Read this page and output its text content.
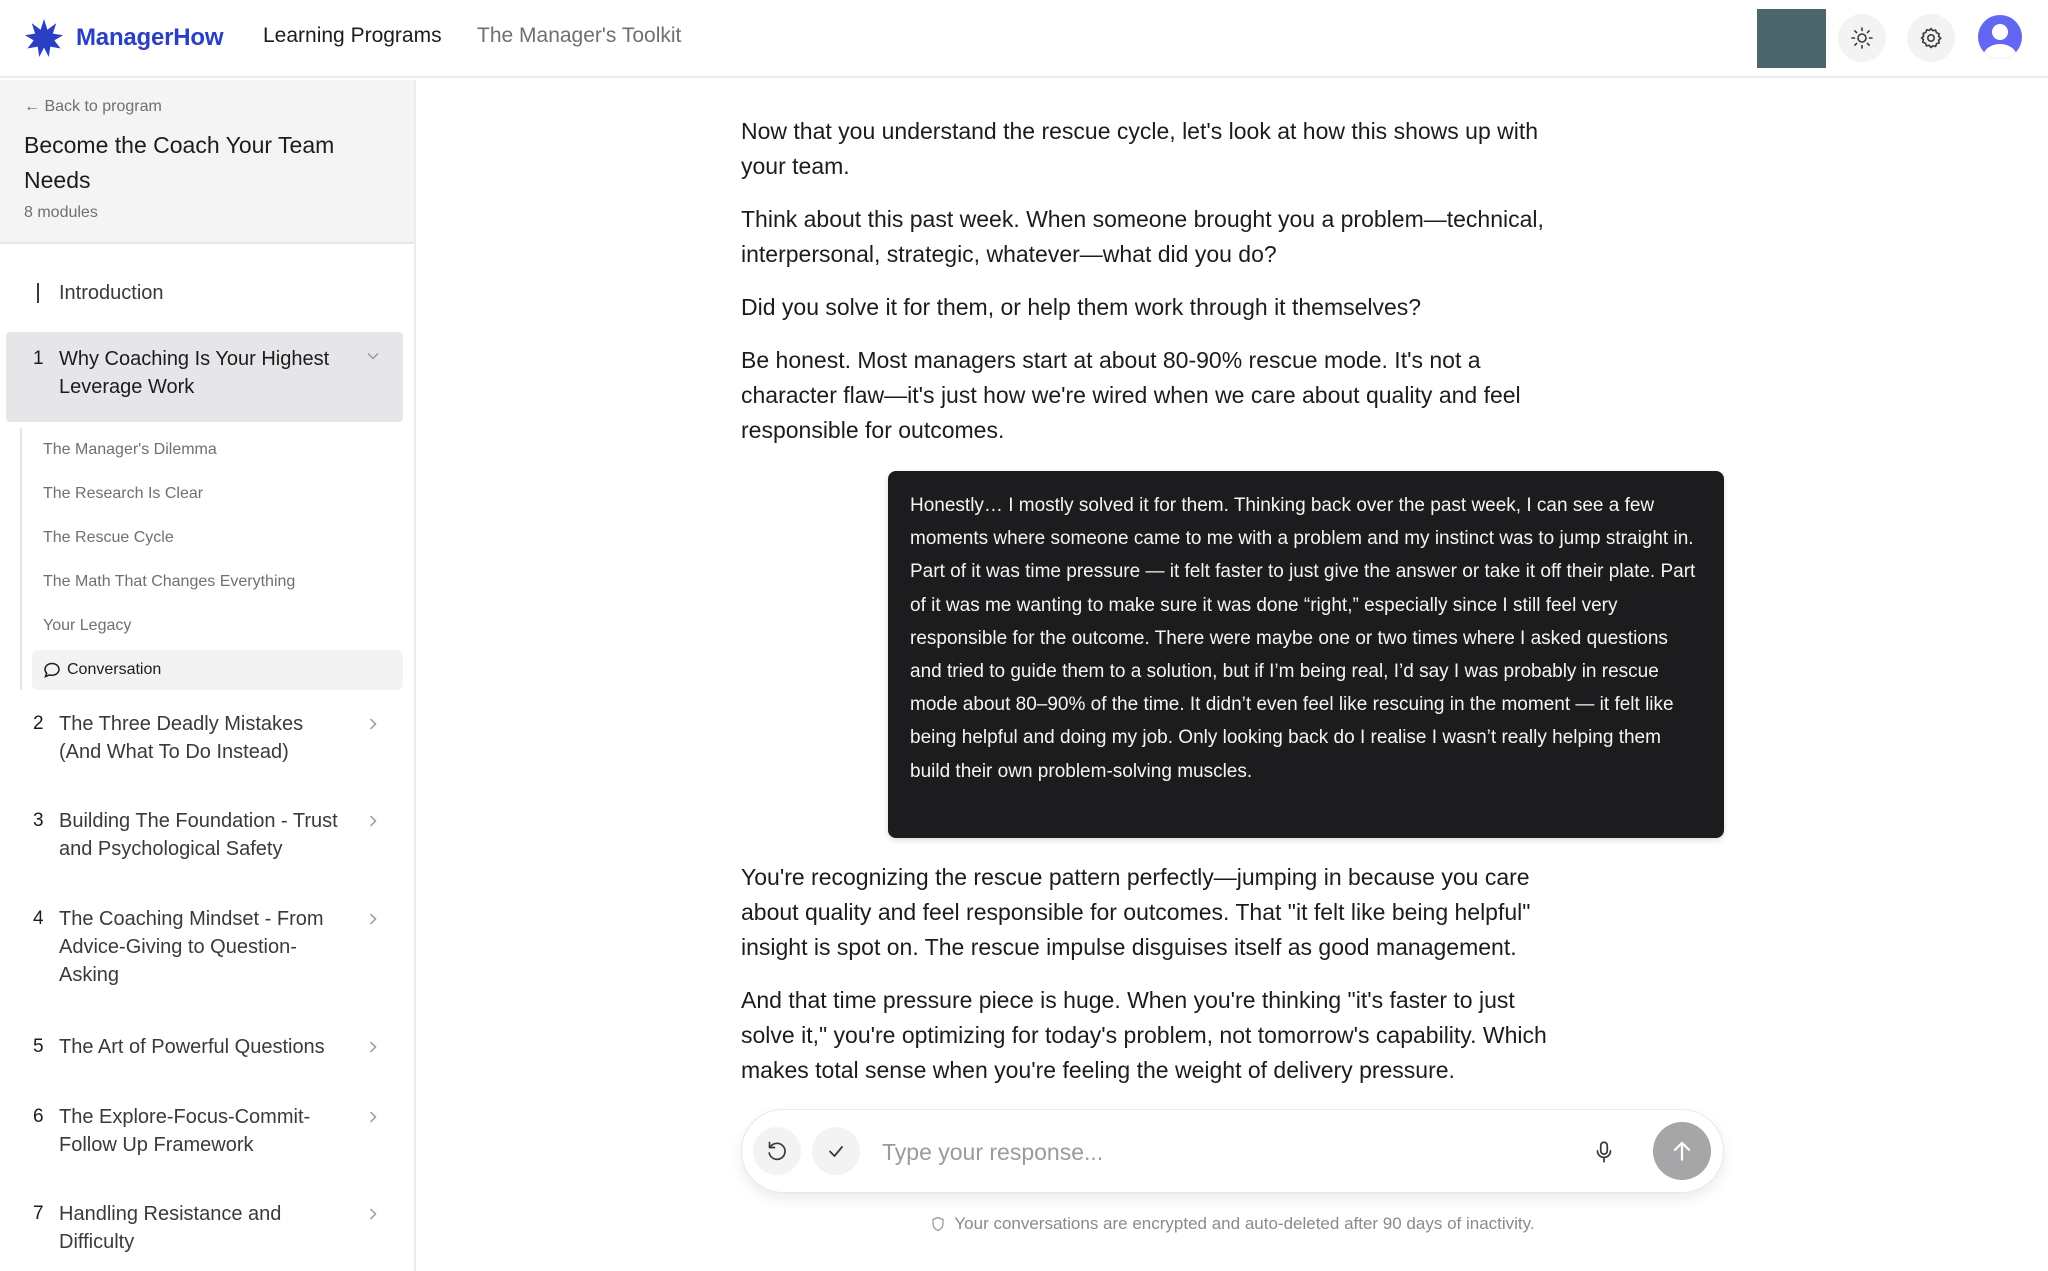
ManagerHow Learning Programs The Manager's Toolkit
← Back to program
Become the Coach Your Team Needs
8 modules
Introduction
1 Why Coaching Is Your Highest Leverage Work
The Manager's Dilemma
The Research Is Clear
The Rescue Cycle
The Math That Changes Everything
Your Legacy
Conversation
2 The Three Deadly Mistakes (And What To Do Instead)
3 Building The Foundation - Trust and Psychological Safety
4 The Coaching Mindset - From Advice-Giving to Question-Asking
5 The Art of Powerful Questions
6 The Explore-Focus-Commit-Follow Up Framework
7 Handling Resistance and Difficulty

Now that you understand the rescue cycle, let's look at how this shows up with your team.

Think about this past week. When someone brought you a problem—technical, interpersonal, strategic, whatever—what did you do?

Did you solve it for them, or help them work through it themselves?

Be honest. Most managers start at about 80-90% rescue mode. It's not a character flaw—it's just how we're wired when we care about quality and feel responsible for outcomes.

Honestly… I mostly solved it for them. Thinking back over the past week, I can see a few moments where someone came to me with a problem and my instinct was to jump straight in. Part of it was time pressure — it felt faster to just give the answer or take it off their plate. Part of it was me wanting to make sure it was done “right,” especially since I still feel very responsible for the outcome. There were maybe one or two times where I asked questions and tried to guide them to a solution, but if I’m being real, I’d say I was probably in rescue mode about 80–90% of the time. It didn’t even feel like rescuing in the moment — it felt like being helpful and doing my job. Only looking back do I realise I wasn’t really helping them build their own problem-solving muscles.

You're recognizing the rescue pattern perfectly—jumping in because you care about quality and feel responsible for outcomes. That "it felt like being helpful" insight is spot on. The rescue impulse disguises itself as good management.

And that time pressure piece is huge. When you're thinking "it's faster to just solve it," you're optimizing for today's problem, not tomorrow's capability. Which makes total sense when you're feeling the weight of delivery pressure.

Type your response...
Your conversations are encrypted and auto-deleted after 90 days of inactivity.
